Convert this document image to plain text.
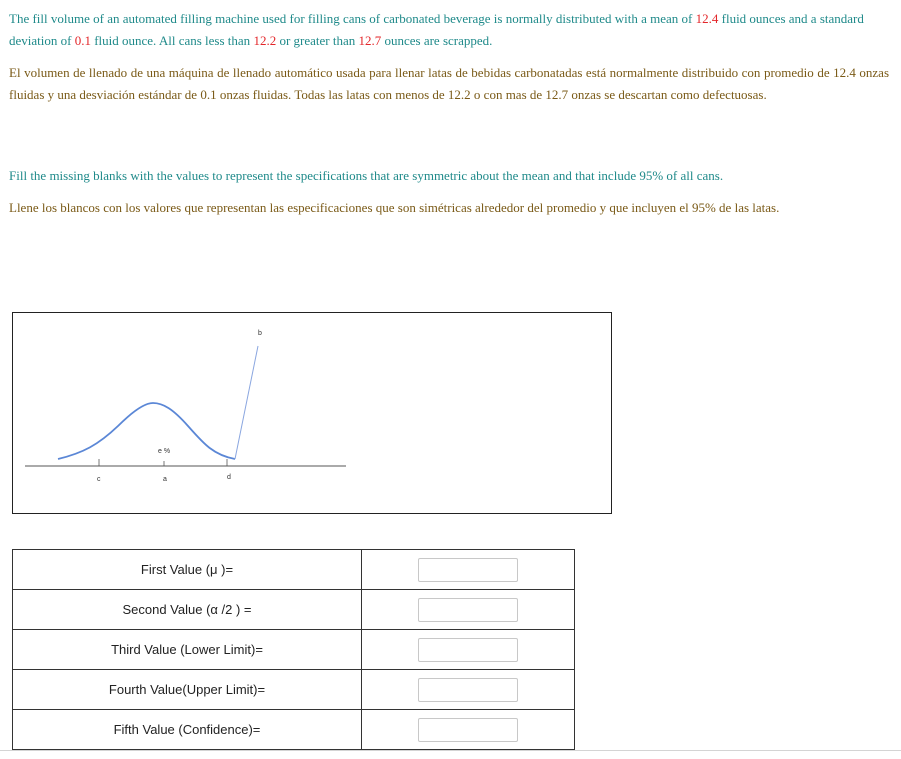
The fill volume of an automated filling machine used for filling cans of carbonated beverage is normally distributed with a mean of 12.4 fluid ounces and a standard deviation of 0.1 fluid ounce. All cans less than 12.2 or greater than 12.7 ounces are scrapped.

El volumen de llenado de una máquina de llenado automático usada para llenar latas de bebidas carbonatadas está normalmente distribuido con promedio de 12.4 onzas fluidas y una desviación estándar de 0.1 onzas fluidas. Todas las latas con menos de 12.2 o con mas de 12.7 onzas se descartan como defectuosas.

Fill the missing blanks with the values to represent the specifications that are symmetric about the mean and that include 95% of all cans.

Llene los blancos con los valores que representan las especificaciones que son simétricas alrededor del promedio y que incluyen el 95% de las latas.

b
e %
c	a	d
First Value (μ )=	
Second Value (α /2 ) =	
Third Value (Lower Limit)=	
Fourth Value(Upper Limit)=	
Fifth Value (Confidence)=	
